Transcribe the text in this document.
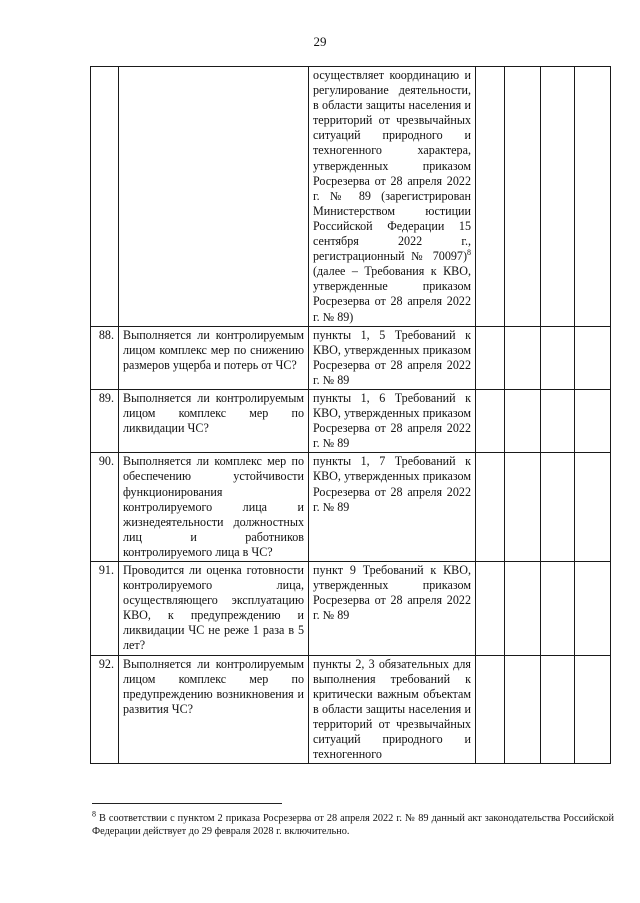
29
		осуществляет координацию и регулирование деятельности, в области защиты населения и территорий от чрезвычайных ситуаций природного и техногенного характера, утвержденных приказом Росрезерва от 28 апреля 2022 г. № 89 (зарегистрирован Министерством юстиции Российской Федерации 15 сентября 2022 г., регистрационный № 70097)$^8$ (далее – Требования к КВО, утвержденные приказом Росрезерва от 28 апреля 2022 г. № 89)				
88.	Выполняется ли контролируемым лицом комплекс мер по снижению размеров ущерба и потерь от ЧС?	пункты 1, 5 Требований к КВО, утвержденных приказом Росрезерва от 28 апреля 2022 г. № 89				
89.	Выполняется ли контролируемым лицом комплекс мер по ликвидации ЧС?	пункты 1, 6 Требований к КВО, утвержденных приказом Росрезерва от 28 апреля 2022 г. № 89				
90.	Выполняется ли комплекс мер по обеспечению устойчивости функционирования контролируемого лица и жизнедеятельности должностных лиц и работников контролируемого лица в ЧС?	пункты 1, 7 Требований к КВО, утвержденных приказом Росрезерва от 28 апреля 2022 г. № 89				
91.	Проводится ли оценка готовности контролируемого лица, осуществляющего эксплуатацию КВО, к предупреждению и ликвидации ЧС не реже 1 раза в 5 лет?	пункт 9 Требований к КВО, утвержденных приказом Росрезерва от 28 апреля 2022 г. № 89				
92.	Выполняется ли контролируемым лицом комплекс мер по предупреждению возникновения и развития ЧС?	пункты 2, 3 обязательных для выполнения требований к критически важным объектам в области защиты населения и территорий от чрезвычайных ситуаций природного и техногенного				
$^8$ В соответствии с пунктом 2 приказа Росрезерва от 28 апреля 2022 г. № 89 данный акт законодательства Российской Федерации действует до 29 февраля 2028 г. включительно.
